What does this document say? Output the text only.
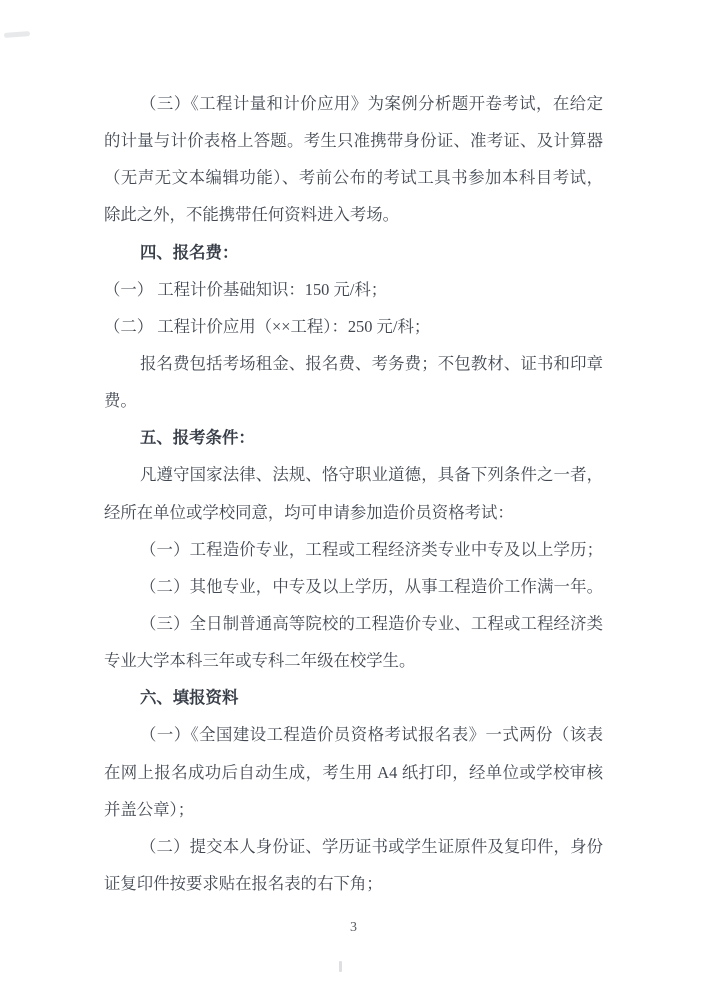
（三）《工程计量和计价应用》为案例分析题开卷考试，在给定
的计量与计价表格上答题。考生只准携带身份证、准考证、及计算器
（无声无文本编辑功能）、考前公布的考试工具书参加本科目考试，
除此之外，不能携带任何资料进入考场。
四、报名费：
（一） 工程计价基础知识：150 元/科；
（二） 工程计价应用（××工程）：250 元/科；
报名费包括考场租金、报名费、考务费；不包教材、证书和印章
费。
五、报考条件：
凡遵守国家法律、法规、恪守职业道德，具备下列条件之一者，
经所在单位或学校同意，均可申请参加造价员资格考试：
（一）工程造价专业，工程或工程经济类专业中专及以上学历；
（二）其他专业，中专及以上学历，从事工程造价工作满一年。
（三）全日制普通高等院校的工程造价专业、工程或工程经济类
专业大学本科三年或专科二年级在校学生。
六、填报资料
（一）《全国建设工程造价员资格考试报名表》一式两份（该表
在网上报名成功后自动生成，考生用 A4 纸打印，经单位或学校审核
并盖公章）；
（二）提交本人身份证、学历证书或学生证原件及复印件，身份
证复印件按要求贴在报名表的右下角；
3
